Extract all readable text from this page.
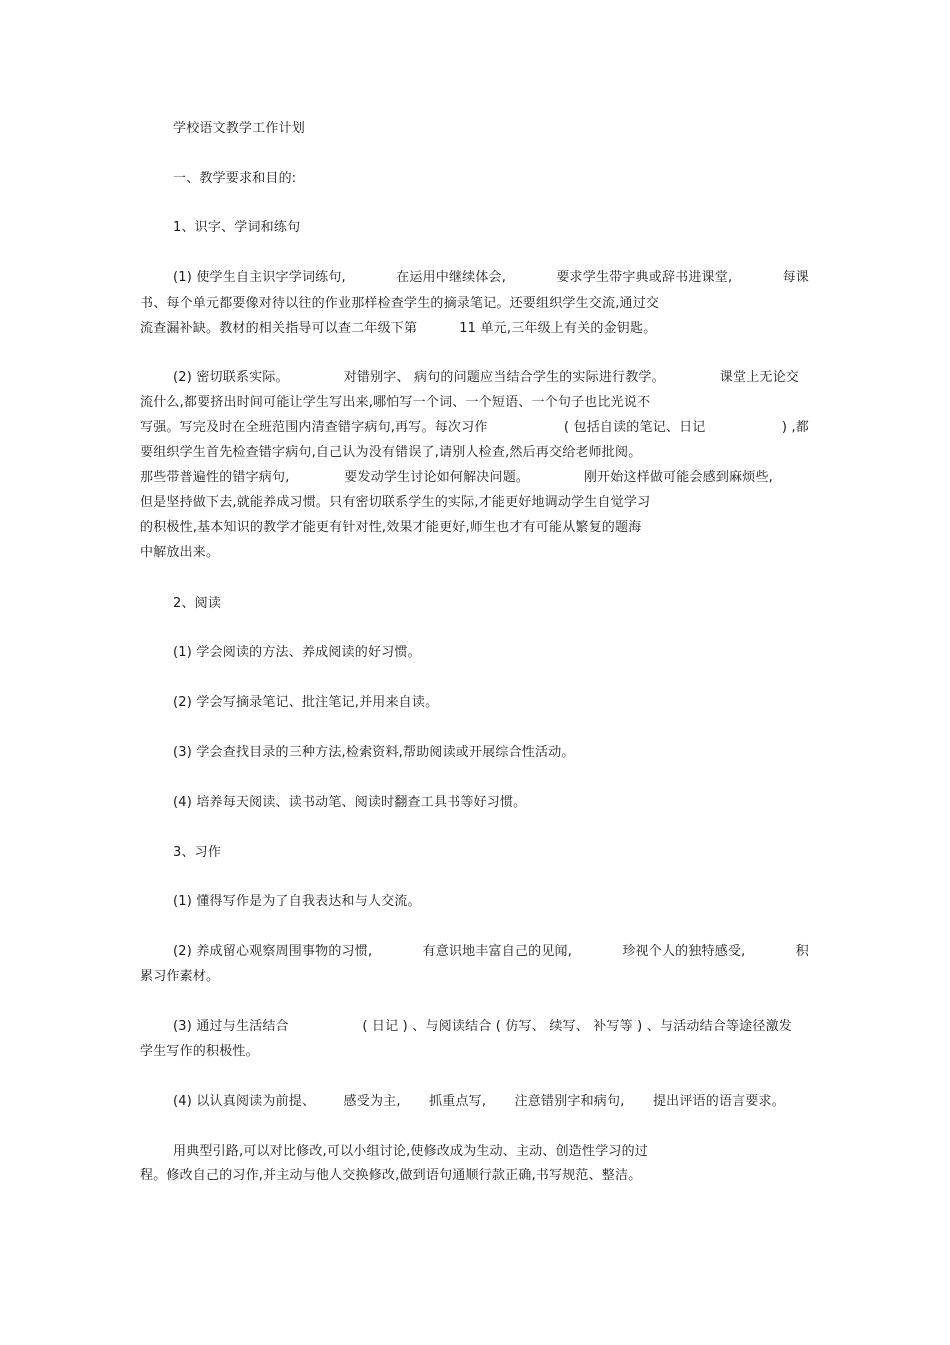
学校语文教学工作计划
一、教学要求和目的:
1、识字、学词和练句
(1) 使学生自主识字学词练句,	在运用中继续体会,	要求学生带字典或辞书进课堂,	每课
书、每个单元都要像对待以往的作业那样检查学生的摘录笔记。还要组织学生交流,通过交
流查漏补缺。教材的相关指导可以查二年级下第	11 单元,三年级上有关的金钥匙。
(2) 密切联系实际。	对错别字、 病句的问题应当结合学生的实际进行教学。	课堂上无论交
流什么,都要挤出时间可能让学生写出来,哪怕写一个词、一个短语、一个句子也比光说不
写强。写完及时在全班范围内清查错字病句,再写。每次习作	( 包括自读的笔记、日记	) ,都
要组织学生首先检查错字病句,自己认为没有错误了,请别人检查,然后再交给老师批阅。
那些带普遍性的错字病句,	要发动学生讨论如何解决问题。	刚开始这样做可能会感到麻烦些,
但是坚持做下去,就能养成习惯。只有密切联系学生的实际,才能更好地调动学生自觉学习
的积极性,基本知识的教学才能更有针对性,效果才能更好,师生也才有可能从繁复的题海
中解放出来。
2、阅读
(1) 学会阅读的方法、养成阅读的好习惯。
(2) 学会写摘录笔记、批注笔记,并用来自读。
(3) 学会查找目录的三种方法,检索资料,帮助阅读或开展综合性活动。
(4) 培养每天阅读、读书动笔、阅读时翻查工具书等好习惯。
3、习作
(1) 懂得写作是为了自我表达和与人交流。
(2) 养成留心观察周围事物的习惯,	有意识地丰富自己的见闻,	珍视个人的独特感受,	积
累习作素材。
(3) 通过与生活结合	( 日记 ) 、与阅读结合 ( 仿写、 续写、 补写等 ) 、与活动结合等途径激发
学生写作的积极性。
(4) 以认真阅读为前提、 感受为主, 抓重点写, 注意错别字和病句, 提出评语的语言要求。
用典型引路,可以对比修改,可以小组讨论,使修改成为生动、主动、创造性学习的过
程。修改自己的习作,并主动与他人交换修改,做到语句通顺行款正确,书写规范、整洁。
